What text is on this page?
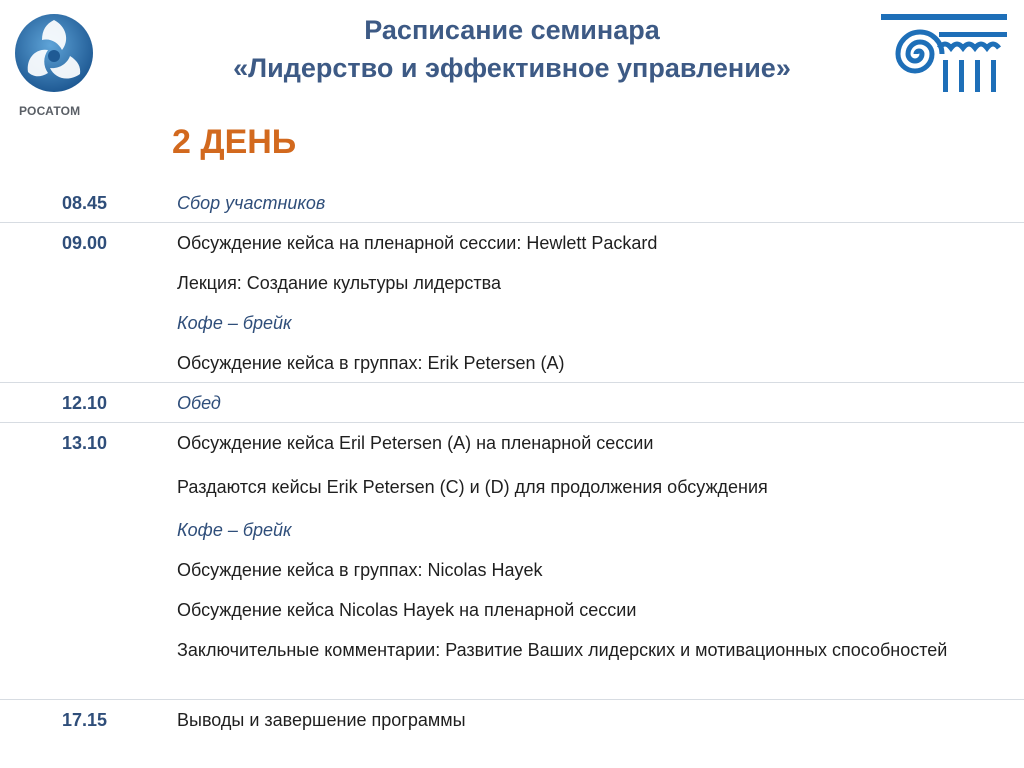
РОСАТОМ
Расписание семинара
«Лидерство и эффективное управление»
2 ДЕНЬ
08.45	Сбор участников
09.00	Обсуждение кейса на пленарной сессии: Hewlett Packard
Лекция: Создание культуры лидерства
Кофе – брейк
Обсуждение кейса в группах: Erik Petersen (A)
12.10	Обед
13.10	Обсуждение кейса Eril Petersen (A) на пленарной сессии
Раздаются кейсы Erik Petersen (C) и (D) для продолжения обсуждения
Кофе – брейк
Обсуждение кейса в группах: Nicolas Hayek
Обсуждение кейса Nicolas Hayek на пленарной сессии
Заключительные комментарии: Развитие Ваших лидерских и мотивационных способностей
17.15	Выводы и завершение программы
